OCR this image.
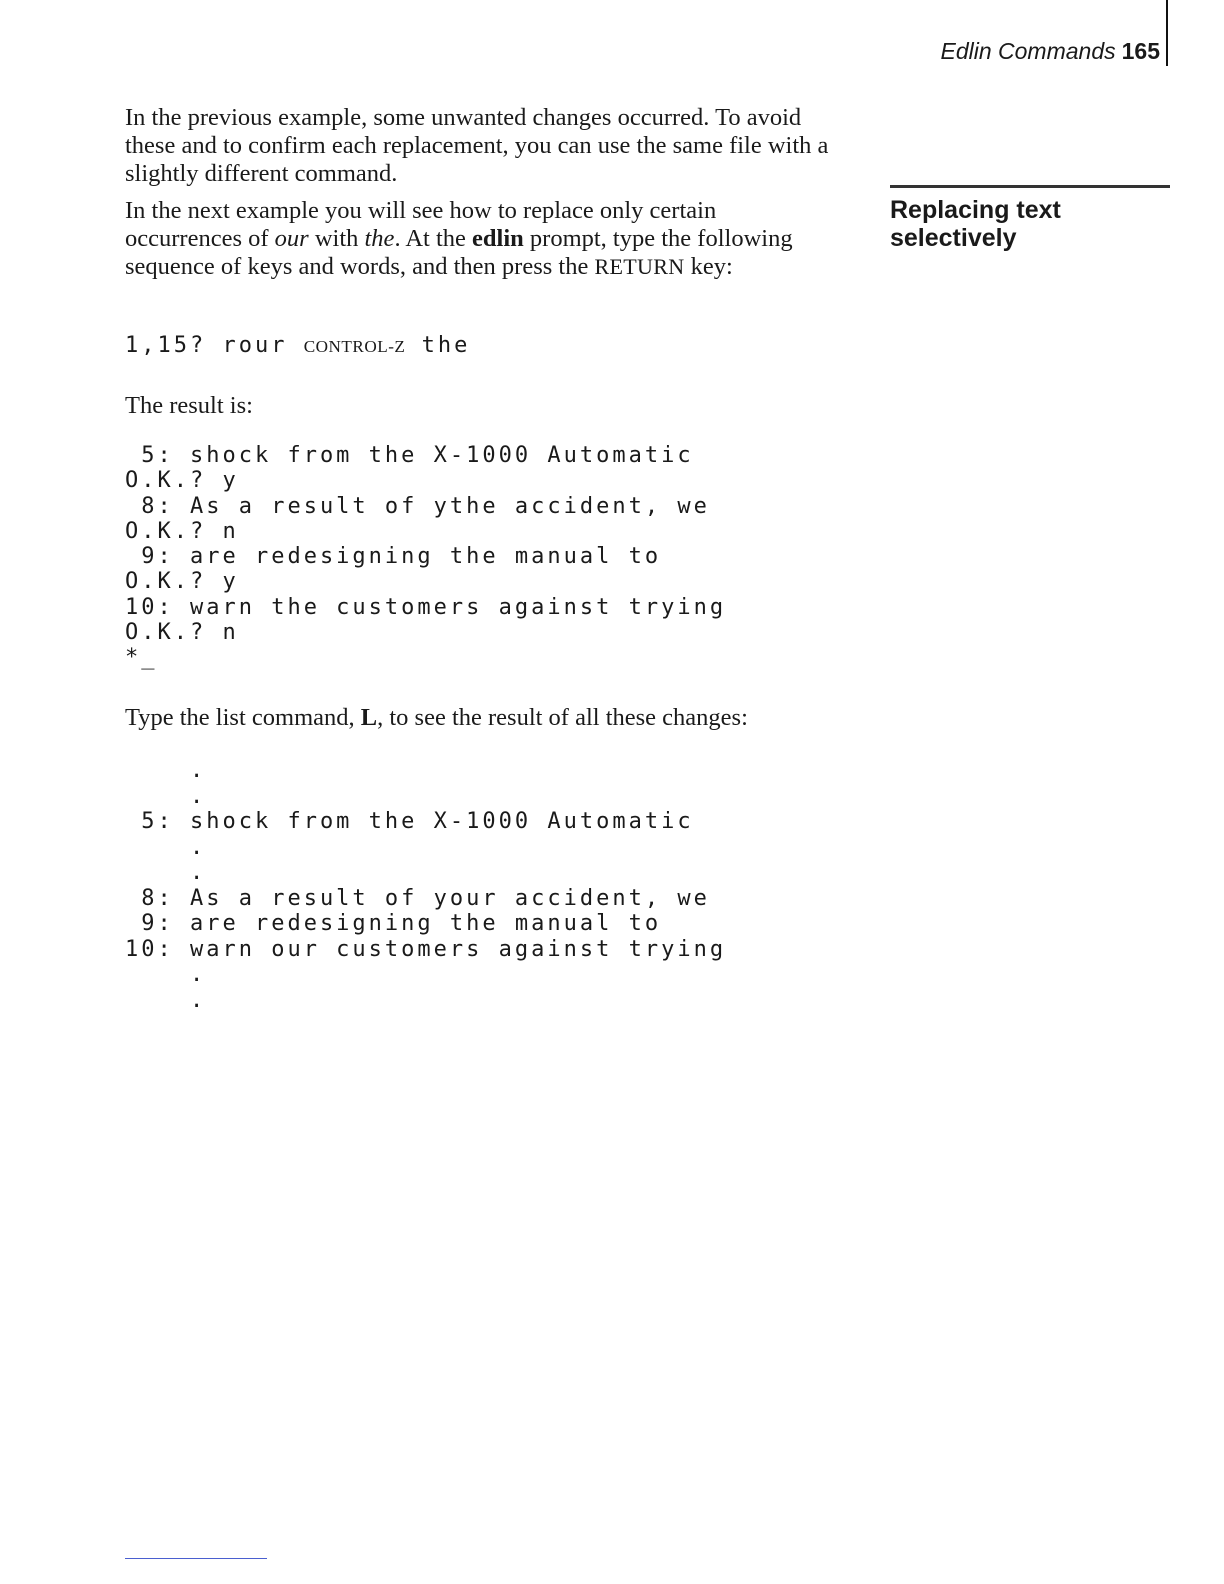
Edlin Commands 165

In the previous example, some unwanted changes occurred. To avoid these and to confirm each replacement, you can use the same file with a slightly different command.

In the next example you will see how to replace only certain occurrences of our with the. At the edlin prompt, type the following sequence of keys and words, and then press the RETURN key:

1,15? rour CONTROL-Z the

The result is:

5: shock from the X-1000 Automatic
O.K.? y
8: As a result of ythe accident, we
O.K.? n
9: are redesigning the manual to
O.K.? y
10: warn the customers against trying
O.K.? n
*_

Type the list command, L, to see the result of all these changes:

.
.
5: shock from the X-1000 Automatic
.
.
8: As a result of your accident, we
9: are redesigning the manual to
10: warn our customers against trying
.
.
Replacing text selectively
